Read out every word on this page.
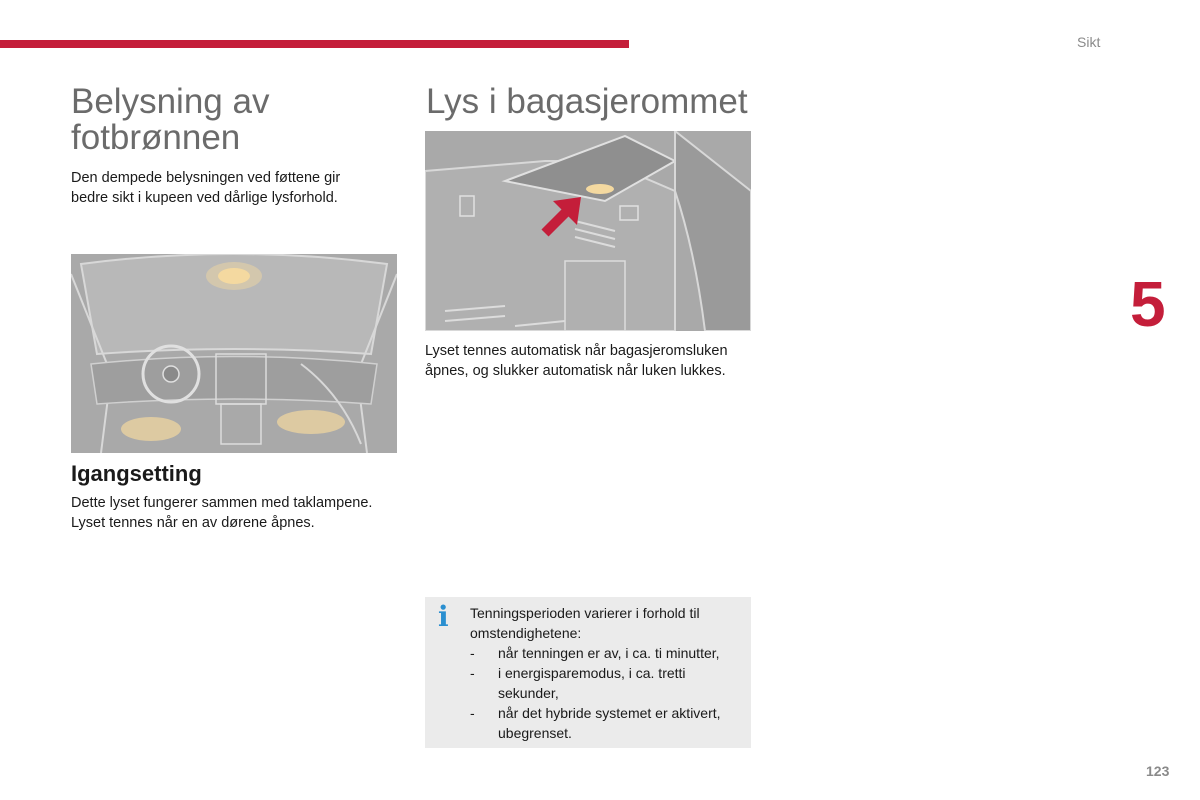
Sikt
5
123
Belysning av
fotbrønnen
Den dempede belysningen ved føttene gir
bedre sikt i kupeen ved dårlige lysforhold.
Igangsetting
Dette lyset fungerer sammen med taklampene.
Lyset tennes når en av dørene åpnes.
Lys i bagasjerommet
Lyset tennes automatisk når bagasjeromsluken
åpnes, og slukker automatisk når luken lukkes.
i Tenningsperioden varierer i forhold til
omstendighetene:
- når tenningen er av, i ca. ti minutter,
- i energisparemodus, i ca. tretti
sekunder,
- når det hybride systemet er aktivert,
ubegrenset.
